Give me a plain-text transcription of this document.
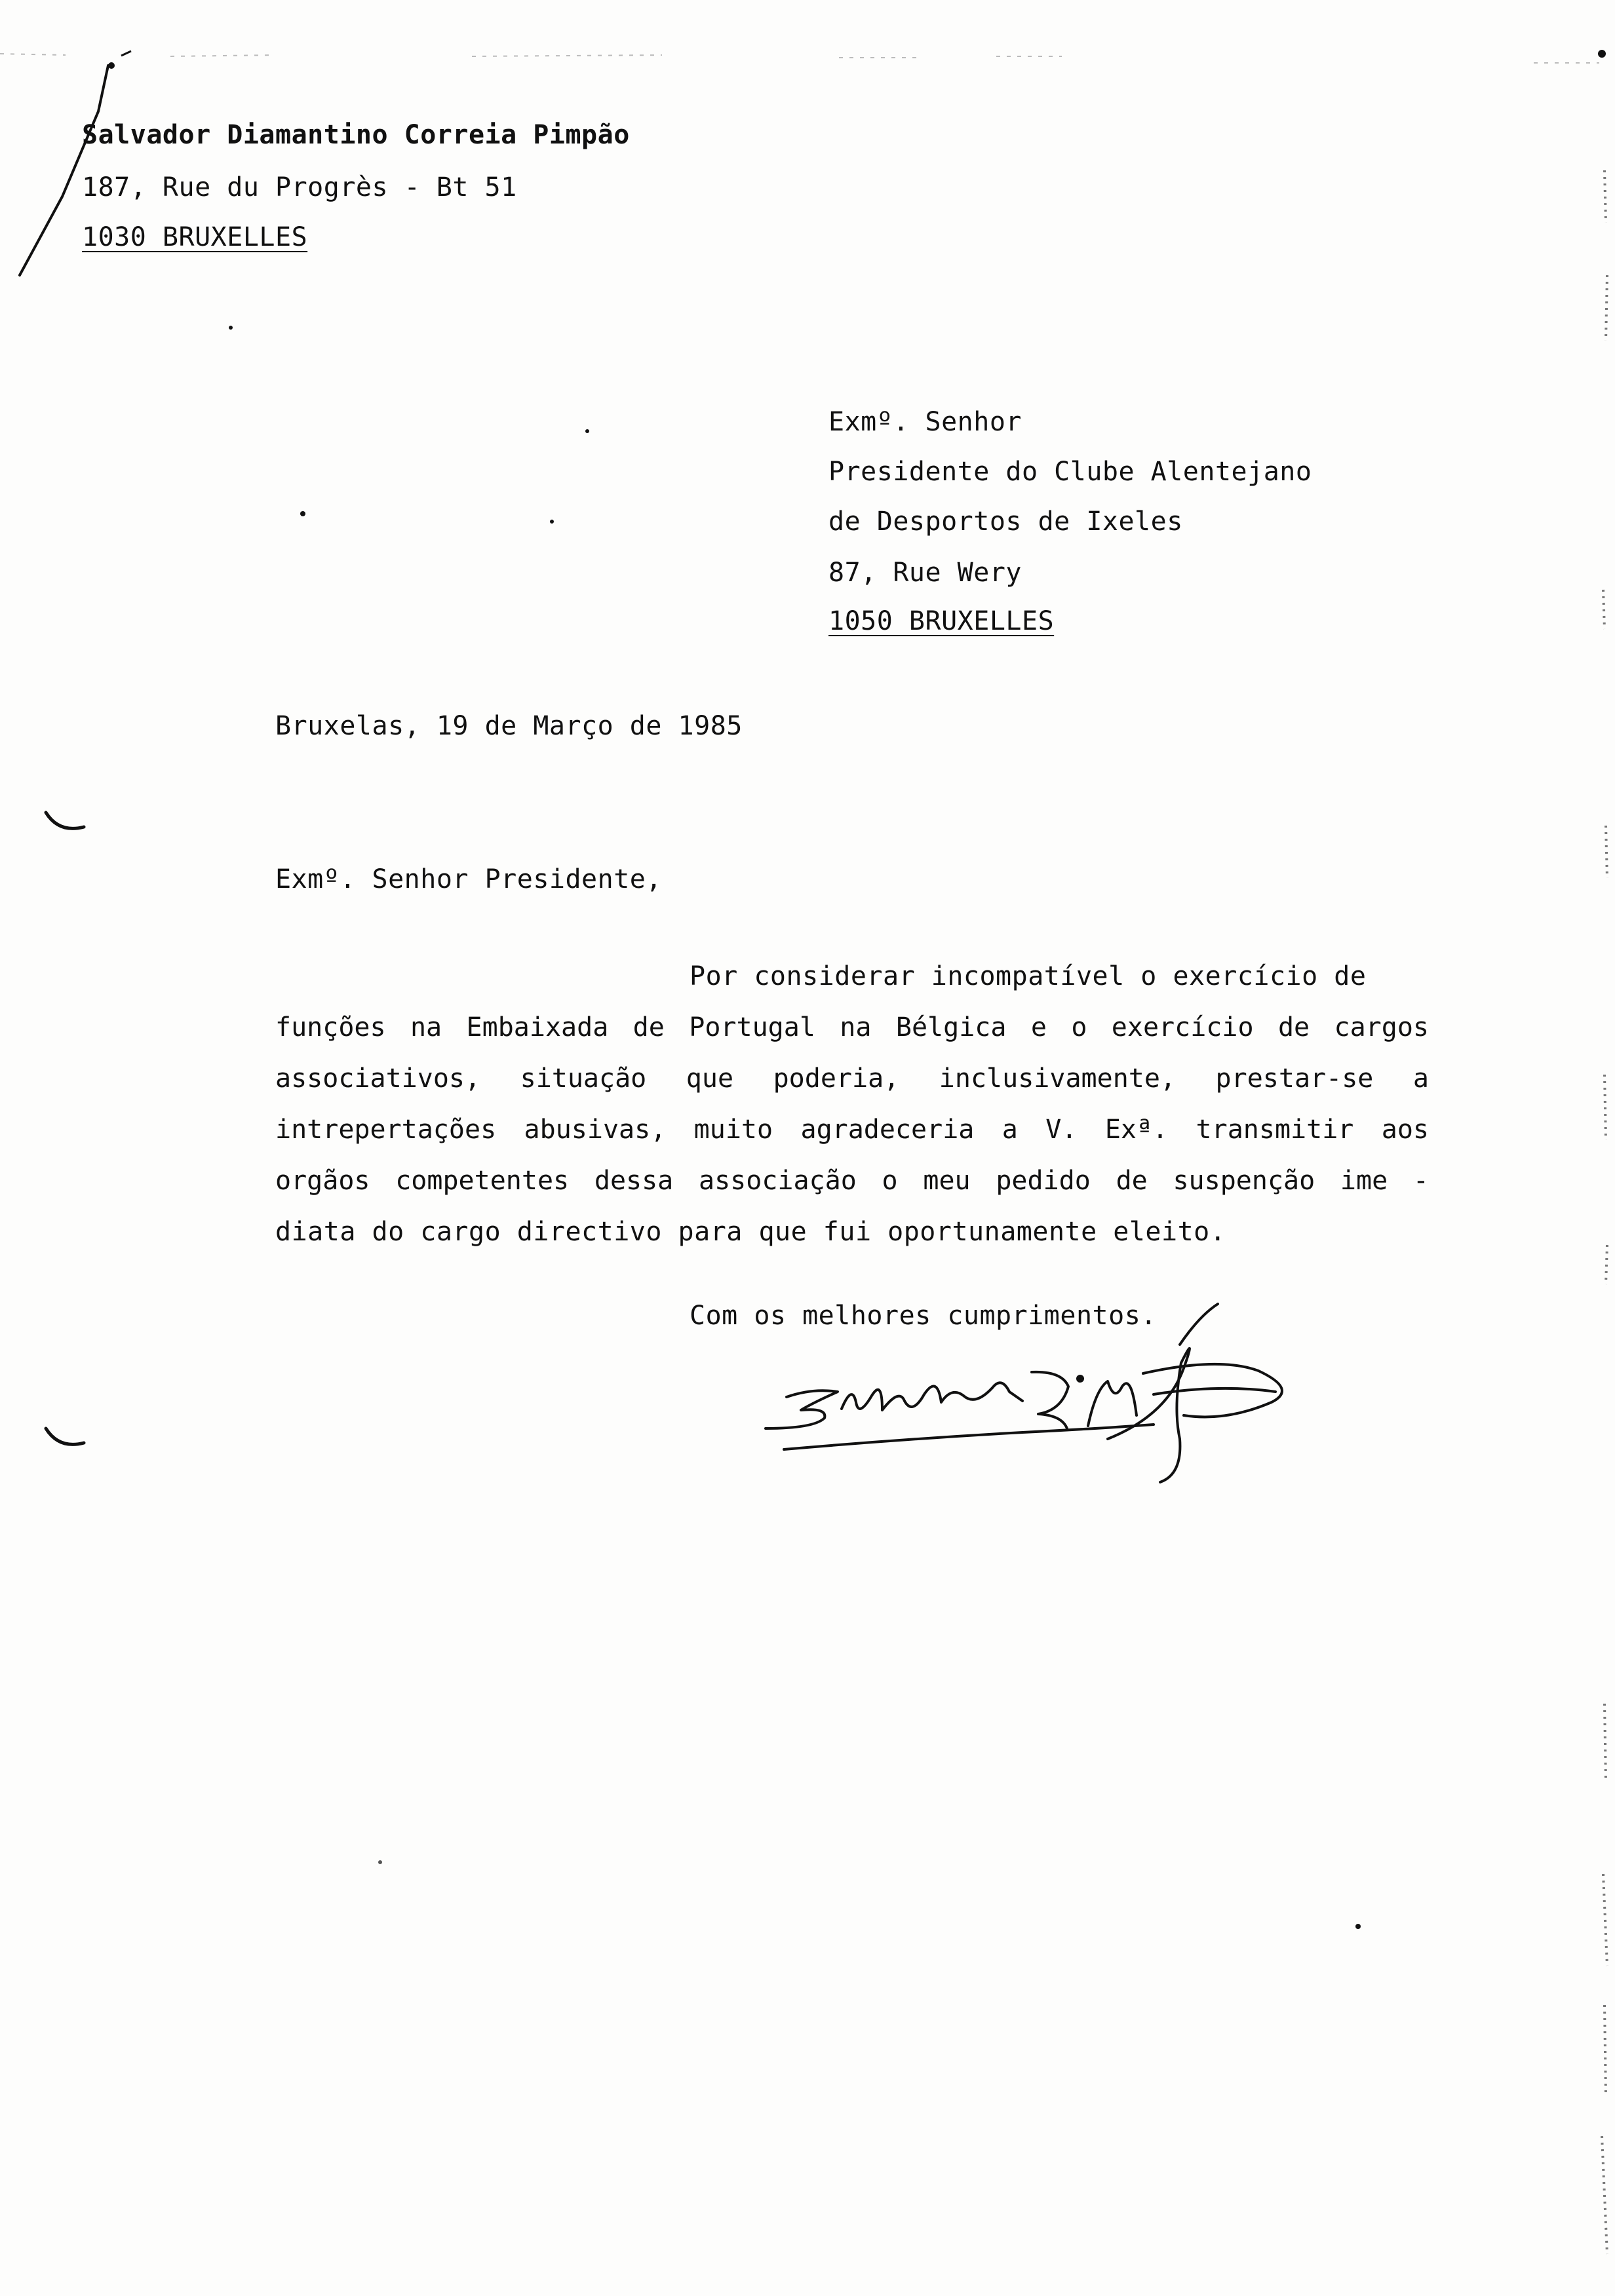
Salvador Diamantino Correia Pimpão
187, Rue du Progrès - Bt 51
1030 BRUXELLES
Exmº. Senhor
Presidente do Clube Alentejano
de Desportos de Ixeles
87, Rue Wery
1050 BRUXELLES
Bruxelas, 19 de Março de 1985
Exmº. Senhor Presidente,
Por considerar incompatível o exercício de
funções na Embaixada de Portugal na Bélgica e o exercício de cargos
associativos, situação que poderia, inclusivamente, prestar-se a
intrepertações abusivas, muito agradeceria a V. Exª. transmitir aos
orgãos competentes dessa associação o meu pedido de suspenção ime -
diata do cargo directivo para que fui oportunamente eleito.
Com os melhores cumprimentos.
